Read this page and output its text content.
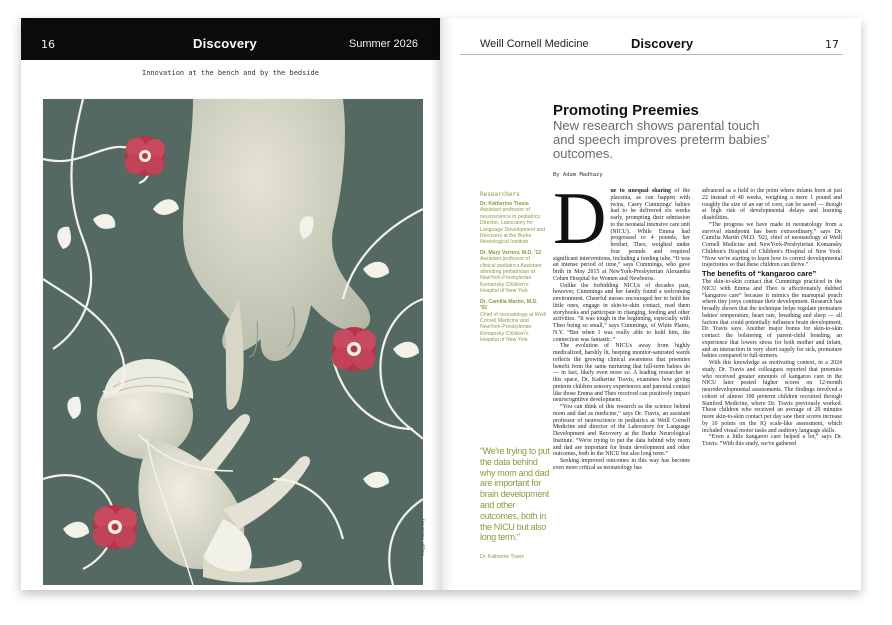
16	Discovery	Summer 2026
Innovation at the bench and by the bedside
Maggie Madlansky
Weill Cornell Medicine	Discovery	17
Promoting Preemies
New research shows parental touch and speech improves preterm babies' outcomes.
By Adam Madhazy
Researchers
Dr. Katherine Travis
Assistant professor of neuroscience in pediatrics Director, Laboratory for Language Development and Recovery at the Burke Neurological Institute
Dr. Mary Vernov, M.D. '12
Assistant professor of clinical pediatrics Assistant attending pediatrician at NewYork-Presbyterian Komansky Children's Hospital of New York
Dr. Camilia Martin, M.D. '92
Chief of neonatology at Weill Cornell Medicine and NewYork-Presbyterian Komansky Children's Hospital of New York
“We're trying to put the data behind why mom and dad are important for brain development and other outcomes, both in the NICU but also long term.”
Dr. Katherine Travis

Due to unequal sharing of the placenta, as can happen with twins, Casey Cummings' babies had to be delivered six weeks early, prompting their admission to the neonatal intensive care unit (NICU). While Emma had progressed to 4 pounds, her brother, Theo, weighed under four pounds and required significant interventions, including a feeding tube. “It was an intense period of time,” says Cummings, who gave birth in May 2015 at NewYork-Presbyterian Alexandra Cohen Hospital for Women and Newborns.

Unlike the forbidding NICUs of decades past, however, Cummings and her family found a welcoming environment. Cheerful nurses encouraged her to hold her little ones, engage in skin-to-skin contact, read them storybooks and participate in changing, feeding and other activities. “It was tough in the beginning, especially with Theo being so small,” says Cummings, of White Plains, N.Y. “But when I was really able to hold him, the connection was fantastic.”

The evolution of NICUs away from highly medicalized, harshly lit, beeping monitor-saturated wards reflects the growing clinical awareness that preemies benefit from the same nurturing that full-term babies do — in fact, likely even more so. A leading researcher in this space, Dr. Katherine Travis, examines how giving preterm children sensory experiences and parental contact like those Emma and Theo received can positively impact neurocognitive development.

“You can think of this research as the science behind mom and dad as medicine,” says Dr. Travis, an assistant professor of neuroscience in pediatrics at Weill Cornell Medicine and director of the Laboratory for Language Development and Recovery at the Burke Neurological Institute. “We're trying to put the data behind why mom and dad are important for brain development and other outcomes, both in the NICU but also long term.”

Seeking improved outcomes in this way has become even more critical as neonatology has

advanced as a field to the point where infants born at just 22 instead of 40 weeks, weighing a mere 1 pound and roughly the size of an ear of corn, can be saved — though at high risk of developmental delays and learning disabilities.

“The progress we have made in neonatology from a survival standpoint has been extraordinary,” says Dr. Camilia Martin (M.D. '92), chief of neonatology at Weill Cornell Medicine and NewYork-Presbyterian Komansky Children's Hospital of Children's Hospital of New York: “Now we're starting to learn how to correct developmental trajectories so that these children can thrive.”

The benefits of “kangaroo care”

The skin-to-skin contact that Cummings practiced in the NICU with Emma and Theo is affectionately dubbed “kangaroo care” because it mimics the marsupial pouch where tiny joeys continue their development. Research has broadly shown that the technique helps regulate premature babies' temperature, heart rate, breathing and sleep — all factors that could potentially influence brain development, Dr. Travis says. Another major bonus for skin-to-skin contact: the bolstering of parent-child bonding, an experience that lowers stress for both mother and infant, and an interaction in very short supply for sick, premature babies compared to full-termers.

With this knowledge as motivating context, in a 2024 study, Dr. Travis and colleagues reported that preemies who received greater amounts of kangaroo care in the NICU later posted higher scores on 12-month neurodevelopmental assessments. The findings involved a cohort of almost 100 preterm children recruited through Stanford Medicine, where Dr. Travis previously worked. Those children who received an average of 20 minutes more skin-to-skin contact per day saw their scores increase by 10 points on the IQ scale-like assessment, which included visual motor tasks and auditory language skills.

“Even a little kangaroo care helped a lot,” says Dr. Travis. “With this study, we've gathered
